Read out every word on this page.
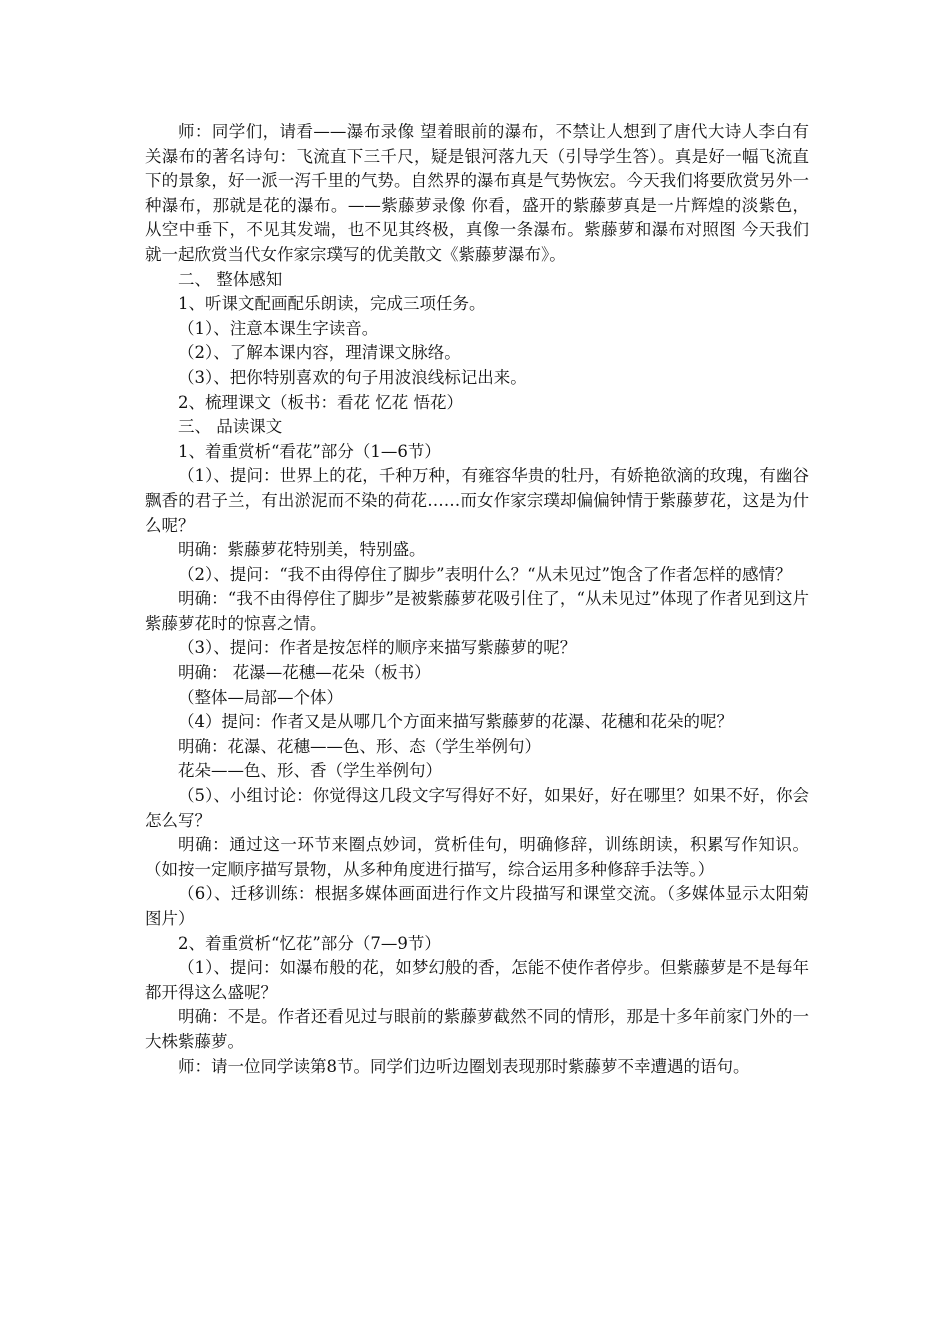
师：同学们，请看——瀑布录像 望着眼前的瀑布，不禁让人想到了唐代大诗人李白有关瀑布的著名诗句：飞流直下三千尺，疑是银河落九天（引导学生答）。真是好一幅飞流直下的景象，好一派一泻千里的气势。自然界的瀑布真是气势恢宏。今天我们将要欣赏另外一种瀑布，那就是花的瀑布。——紫藤萝录像 你看，盛开的紫藤萝真是一片辉煌的淡紫色，从空中垂下，不见其发端，也不见其终极，真像一条瀑布。紫藤萝和瀑布对照图 今天我们就一起欣赏当代女作家宗璞写的优美散文《紫藤萝瀑布》。

二、 整体感知

1、听课文配画配乐朗读，完成三项任务。

（1）、注意本课生字读音。

（2）、了解本课内容，理清课文脉络。

（3）、把你特别喜欢的句子用波浪线标记出来。

2、梳理课文（板书：看花 忆花 悟花）

三、 品读课文

1、着重赏析“看花”部分（1—6节）

（1）、提问：世界上的花，千种万种，有雍容华贵的牡丹，有娇艳欲滴的玫瑰，有幽谷飘香的君子兰，有出淤泥而不染的荷花……而女作家宗璞却偏偏钟情于紫藤萝花，这是为什么呢？

明确：紫藤萝花特别美，特别盛。

（2）、提问：“我不由得停住了脚步”表明什么？“从未见过”饱含了作者怎样的感情？

明确：“我不由得停住了脚步”是被紫藤萝花吸引住了，“从未见过”体现了作者见到这片紫藤萝花时的惊喜之情。

（3）、提问：作者是按怎样的顺序来描写紫藤萝的呢？

明确： 花瀑—花穗—花朵（板书）

（整体—局部—个体）

（4）提问：作者又是从哪几个方面来描写紫藤萝的花瀑、花穗和花朵的呢？

明确：花瀑、花穗——色、形、态（学生举例句）

花朵——色、形、香（学生举例句）

（5）、小组讨论：你觉得这几段文字写得好不好，如果好，好在哪里？如果不好，你会怎么写？

明确：通过这一环节来圈点妙词，赏析佳句，明确修辞，训练朗读，积累写作知识。（如按一定顺序描写景物，从多种角度进行描写，综合运用多种修辞手法等。）

（6）、迁移训练：根据多媒体画面进行作文片段描写和课堂交流。（多媒体显示太阳菊图片）

2、着重赏析“忆花”部分（7—9节）

（1）、提问：如瀑布般的花，如梦幻般的香，怎能不使作者停步。但紫藤萝是不是每年都开得这么盛呢？

明确：不是。作者还看见过与眼前的紫藤萝截然不同的情形，那是十多年前家门外的一大株紫藤萝。

师：请一位同学读第8节。同学们边听边圈划表现那时紫藤萝不幸遭遇的语句。
